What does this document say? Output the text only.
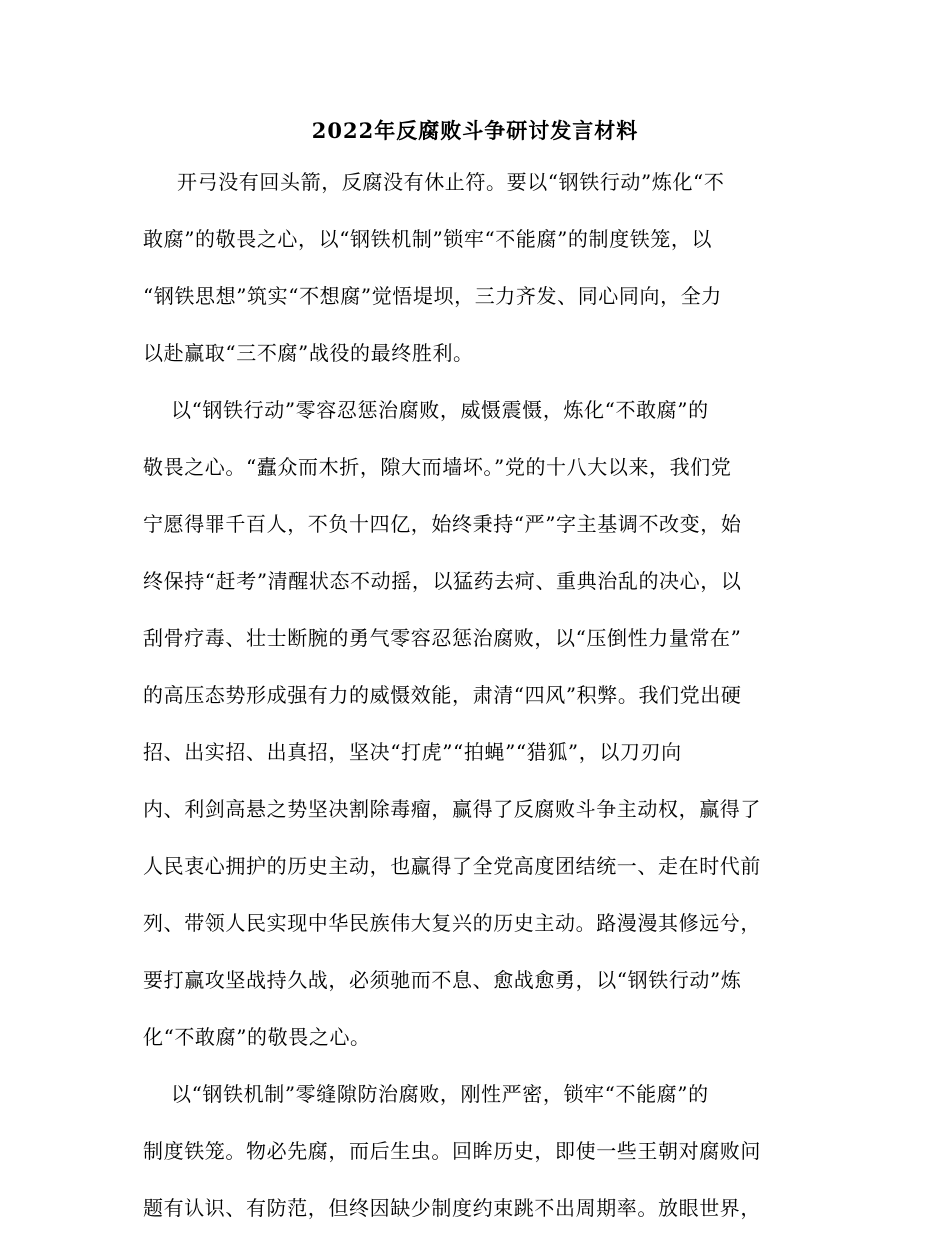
2022年反腐败斗争研讨发言材料
开弓没有回头箭，反腐没有休止符。要以“钢铁行动”炼化“不
敢腐”的敬畏之心，以“钢铁机制”锁牢“不能腐”的制度铁笼，以
“钢铁思想”筑实“不想腐”觉悟堤坝，三力齐发、同心同向，全力
以赴赢取“三不腐”战役的最终胜利。
以“钢铁行动”零容忍惩治腐败，威慑震慑，炼化“不敢腐”的
敬畏之心。“蠹众而木折，隙大而墙坏。”党的十八大以来，我们党
宁愿得罪千百人，不负十四亿，始终秉持“严”字主基调不改变，始
终保持“赶考”清醒状态不动摇，以猛药去疴、重典治乱的决心，以
刮骨疗毒、壮士断腕的勇气零容忍惩治腐败，以“压倒性力量常在”
的高压态势形成强有力的威慑效能，肃清“四风”积弊。我们党出硬
招、出实招、出真招，坚决“打虎”“拍蝇”“猎狐”，以刀刃向
内、利剑高悬之势坚决割除毒瘤，赢得了反腐败斗争主动权，赢得了
人民衷心拥护的历史主动，也赢得了全党高度团结统一、走在时代前
列、带领人民实现中华民族伟大复兴的历史主动。路漫漫其修远兮，
要打赢攻坚战持久战，必须驰而不息、愈战愈勇，以“钢铁行动”炼
化“不敢腐”的敬畏之心。
以“钢铁机制”零缝隙防治腐败，刚性严密，锁牢“不能腐”的
制度铁笼。物必先腐，而后生虫。回眸历史，即使一些王朝对腐败问
题有认识、有防范，但终因缺少制度约束跳不出周期率。放眼世界，
